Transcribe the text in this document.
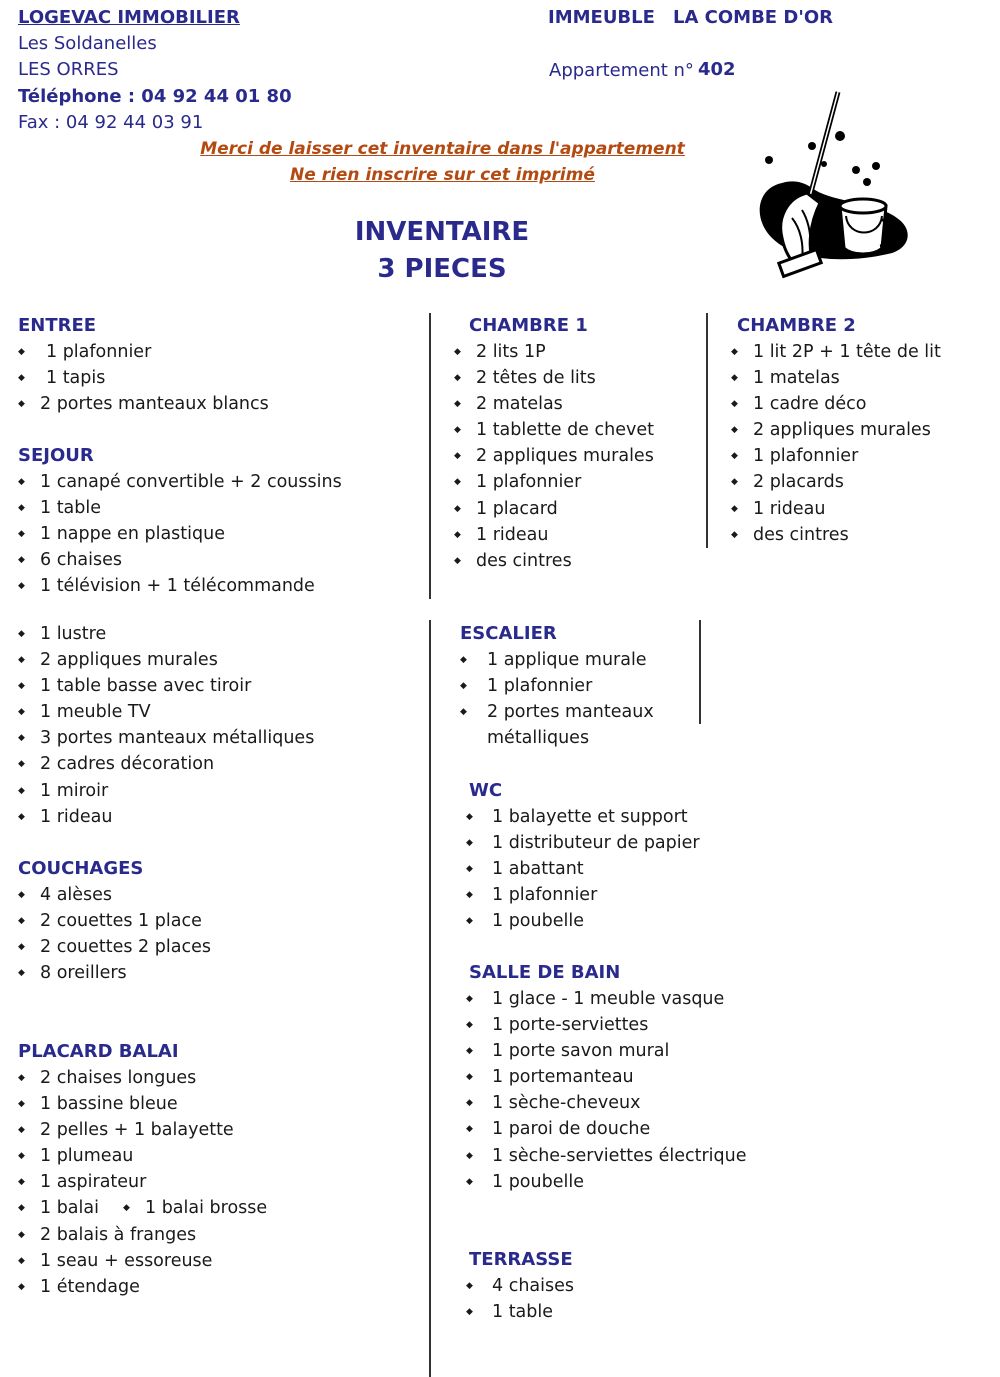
LOGEVAC IMMOBILIER
Les Soldanelles
LES ORRES
Téléphone : 04 92 44 01 80
Fax : 04 92 44 03 91
IMMEUBLE LA COMBE D'OR
Appartement n° 402
Merci de laisser cet inventaire dans l'appartement
Ne rien inscrire sur cet imprimé
INVENTAIRE
3 PIECES
ENTREE
◆ 1 plafonnier
◆ 1 tapis
◆ 2 portes manteaux blancs
SEJOUR
◆ 1 canapé convertible + 2 coussins
◆ 1 table
◆ 1 nappe en plastique
◆ 6 chaises
◆ 1 télévision + 1 télécommande
◆ 1 lustre
◆ 2 appliques murales
◆ 1 table basse avec tiroir
◆ 1 meuble TV
◆ 3 portes manteaux métalliques
◆ 2 cadres décoration
◆ 1 miroir
◆ 1 rideau
COUCHAGES
◆ 4 alèses
◆ 2 couettes 1 place
◆ 2 couettes 2 places
◆ 8 oreillers
PLACARD BALAI
◆ 2 chaises longues
◆ 1 bassine bleue
◆ 2 pelles + 1 balayette
◆ 1 plumeau
◆ 1 aspirateur
◆ 1 balai
◆ 2 balais à franges
◆ 1 seau + essoreuse
◆ 1 étendage
◆ 1 balai brosse
CHAMBRE 1
◆ 2 lits 1P
◆ 2 têtes de lits
◆ 2 matelas
◆ 1 tablette de chevet
◆ 2 appliques murales
◆ 1 plafonnier
◆ 1 placard
◆ 1 rideau
◆ des cintres
CHAMBRE 2
◆ 1 lit 2P + 1 tête de lit
◆ 1 matelas
◆ 1 cadre déco
◆ 2 appliques murales
◆ 1 plafonnier
◆ 2 placards
◆ 1 rideau
◆ des cintres
ESCALIER
◆ 1 applique murale
◆ 1 plafonnier
◆ 2 portes manteaux
métalliques
WC
◆ 1 balayette et support
◆ 1 distributeur de papier
◆ 1 abattant
◆ 1 plafonnier
◆ 1 poubelle
SALLE DE BAIN
◆ 1 glace - 1 meuble vasque
◆ 1 porte-serviettes
◆ 1 porte savon mural
◆ 1 portemanteau
◆ 1 sèche-cheveux
◆ 1 paroi de douche
◆ 1 sèche-serviettes électrique
◆ 1 poubelle
TERRASSE
◆ 4 chaises
◆ 1 table
